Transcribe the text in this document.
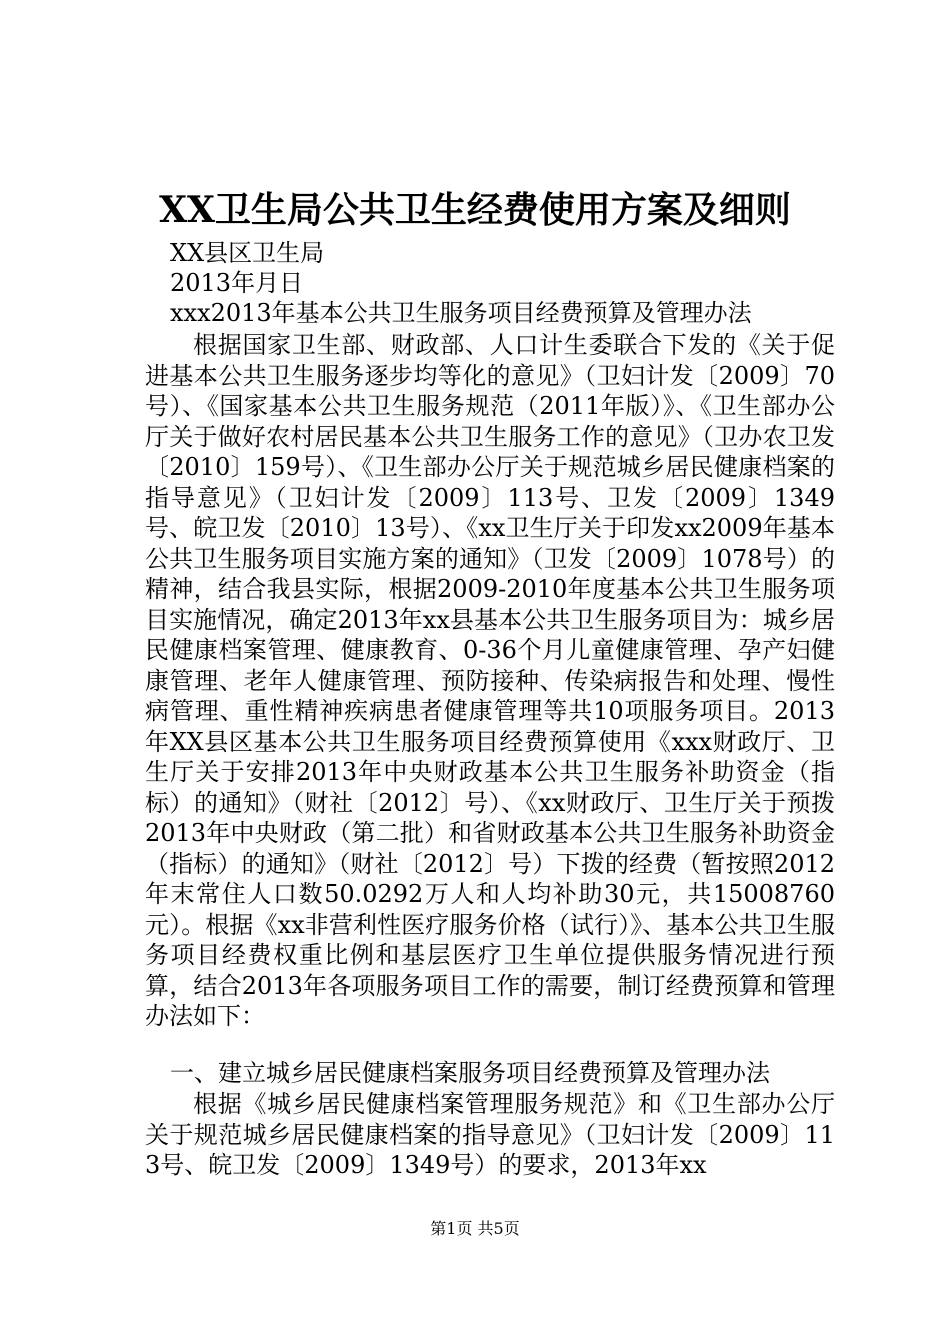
XX卫生局公共卫生经费使用方案及细则
XX县区卫生局
2013年月日
xxx2013年基本公共卫生服务项目经费预算及管理办法

根据国家卫生部、财政部、人口计生委联合下发的《关于促进基本公共卫生服务逐步均等化的意见》（卫妇计发〔2009〕70号）、《国家基本公共卫生服务规范（2011年版）》、《卫生部办公厅关于做好农村居民基本公共卫生服务工作的意见》（卫办农卫发〔2010〕159号）、《卫生部办公厅关于规范城乡居民健康档案的指导意见》（卫妇计发〔2009〕113号、卫发〔2009〕1349号、皖卫发〔2010〕13号）、《xx卫生厅关于印发xx2009年基本公共卫生服务项目实施方案的通知》（卫发〔2009〕1078号）的精神，结合我县实际，根据2009-2010年度基本公共卫生服务项目实施情况，确定2013年xx县基本公共卫生服务项目为：城乡居民健康档案管理、健康教育、0-36个月儿童健康管理、孕产妇健康管理、老年人健康管理、预防接种、传染病报告和处理、慢性病管理、重性精神疾病患者健康管理等共10项服务项目。2013年XX县区基本公共卫生服务项目经费预算使用《xxx财政厅、卫生厅关于安排2013年中央财政基本公共卫生服务补助资金（指标）的通知》（财社〔2012〕号）、《xx财政厅、卫生厅关于预拨2013年中央财政（第二批）和省财政基本公共卫生服务补助资金（指标）的通知》（财社〔2012〕号）下拨的经费（暂按照2012年末常住人口数50.0292万人和人均补助30元，共15008760元）。根据《xx非营利性医疗服务价格（试行）》、基本公共卫生服务项目经费权重比例和基层医疗卫生单位提供服务情况进行预算，结合2013年各项服务项目工作的需要，制订经费预算和管理办法如下：

一、建立城乡居民健康档案服务项目经费预算及管理办法

根据《城乡居民健康档案管理服务规范》和《卫生部办公厅关于规范城乡居民健康档案的指导意见》（卫妇计发〔2009〕113号、皖卫发〔2009〕1349号）的要求，2013年xx

第1页 共5页
